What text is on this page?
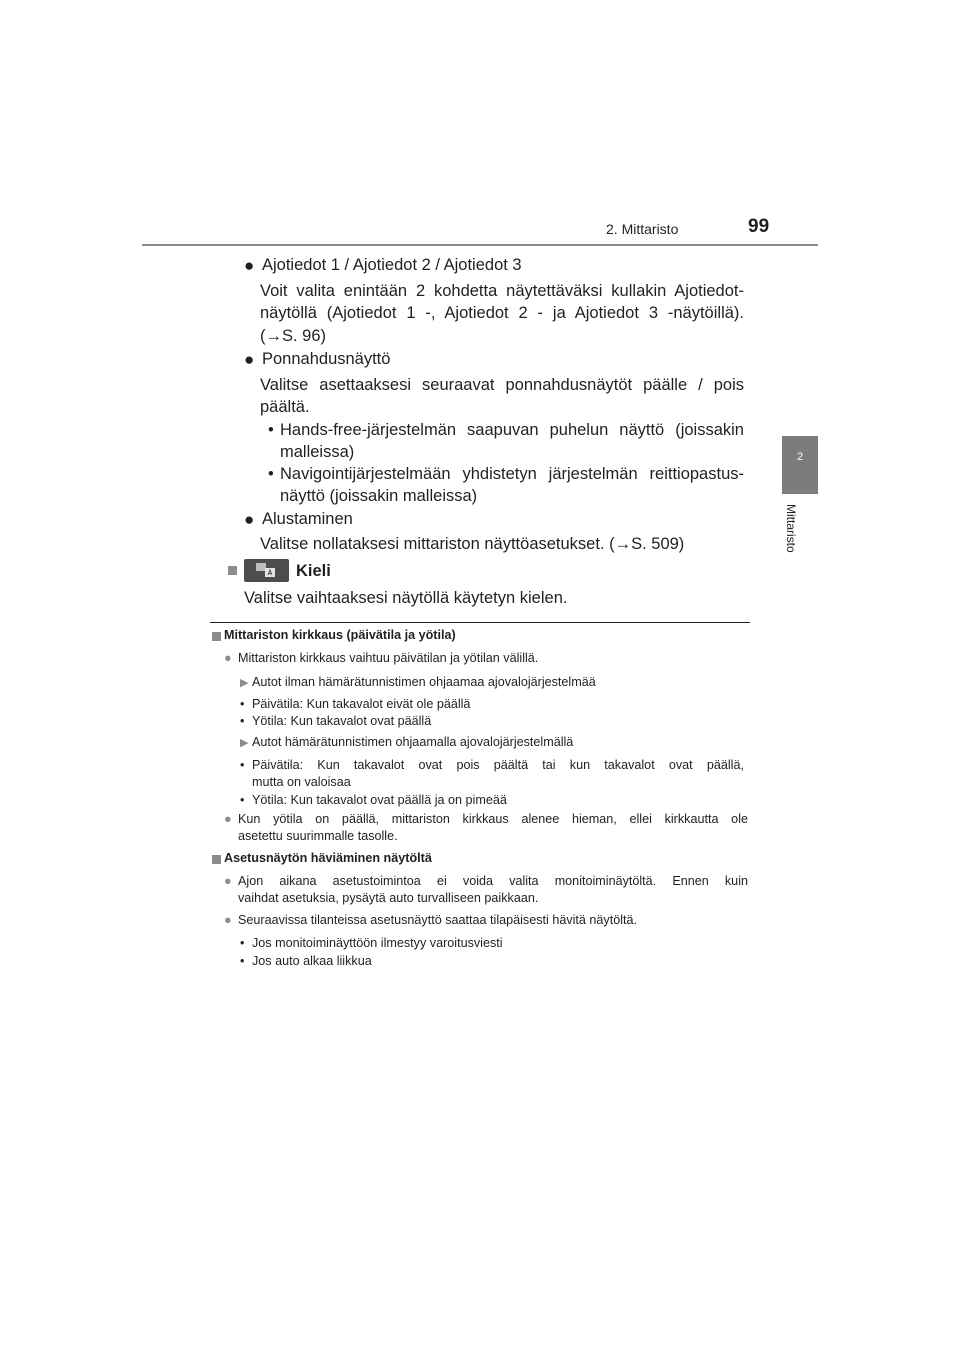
2. Mittaristo	99
2
Mittaristo
● Ajotiedot 1 / Ajotiedot 2 / Ajotiedot 3
Voit valita enintään 2 kohdetta näytettäväksi kullakin Ajotiedot-
näytöllä (Ajotiedot 1 -, Ajotiedot 2 - ja Ajotiedot 3 -näytöillä).
(→S. 96)
● Ponnahdusnäyttö
Valitse asettaaksesi seuraavat ponnahdusnäytöt päälle / pois
päältä.
• Hands-free-järjestelmän saapuvan puhelun näyttö (joissakin
malleissa)
• Navigointijärjestelmään yhdistetyn järjestelmän reittiopastus-
näyttö (joissakin malleissa)
● Alustaminen
Valitse nollataksesi mittariston näyttöasetukset. (→S. 509)
Kieli
Valitse vaihtaaksesi näytöllä käytetyn kielen.
Mittariston kirkkaus (päivätila ja yötila)
● Mittariston kirkkaus vaihtuu päivätilan ja yötilan välillä.
▶ Autot ilman hämärätunnistimen ohjaamaa ajovalojärjestelmää
• Päivätila: Kun takavalot eivät ole päällä
• Yötila: Kun takavalot ovat päällä
▶ Autot hämärätunnistimen ohjaamalla ajovalojärjestelmällä
• Päivätila: Kun takavalot ovat pois päältä tai kun takavalot ovat päällä,
mutta on valoisaa
• Yötila: Kun takavalot ovat päällä ja on pimeää
● Kun yötila on päällä, mittariston kirkkaus alenee hieman, ellei kirkkautta ole
asetettu suurimmalle tasolle.
Asetusnäytön häviäminen näytöltä
● Ajon aikana asetustoimintoa ei voida valita monitoiminäytöltä. Ennen kuin
vaihdat asetuksia, pysäytä auto turvalliseen paikkaan.
● Seuraavissa tilanteissa asetusnäyttö saattaa tilapäisesti hävitä näytöltä.
• Jos monitoiminäyttöön ilmestyy varoitusviesti
• Jos auto alkaa liikkua
